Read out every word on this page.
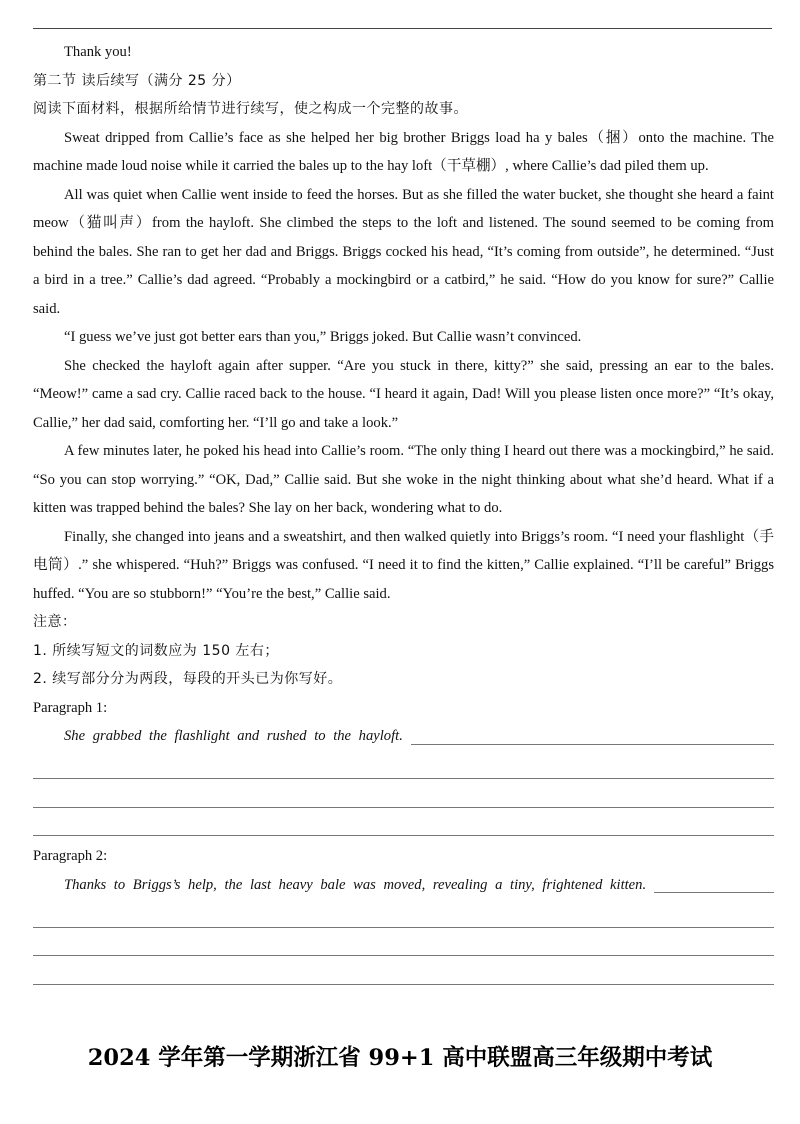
Thank you!
第二节 读后续写（满分 25 分）
阅读下面材料，根据所给情节进行续写，使之构成一个完整的故事。
Sweat dripped from Callie’s face as she helped her big brother Briggs load ha y bales（捆）onto the machine. The machine made loud noise while it carried the bales up to the hay loft（干草棚）, where Callie’s dad piled them up.
All was quiet when Callie went inside to feed the horses. But as she filled the water bucket, she thought she heard a faint meow（猫叫声）from the hayloft. She climbed the steps to the loft and listened. The sound seemed to be coming from behind the bales. She ran to get her dad and Briggs. Briggs cocked his head, “It’s coming from outside”, he determined. “Just a bird in a tree.” Callie’s dad agreed. “Probably a mockingbird or a catbird,” he said. “How do you know for sure?” Callie said.
“I guess we’ve just got better ears than you,” Briggs joked. But Callie wasn’t convinced.
She checked the hayloft again after supper. “Are you stuck in there, kitty?” she said, pressing an ear to the bales. “Meow!” came a sad cry. Callie raced back to the house. “I heard it again, Dad! Will you please listen once more?” “It’s okay, Callie,” her dad said, comforting her. “I’ll go and take a look.”
A few minutes later, he poked his head into Callie’s room. “The only thing I heard out there was a mockingbird,” he said. “So you can stop worrying.” “OK, Dad,” Callie said. But she woke in the night thinking about what she’d heard. What if a kitten was trapped behind the bales? She lay on her back, wondering what to do.
Finally, she changed into jeans and a sweatshirt, and then walked quietly into Briggs’s room. “I need your flashlight（手电筒）.” she whispered. “Huh?” Briggs was confused. “I need it to find the kitten,” Callie explained. “I’ll be careful” Briggs huffed. “You are so stubborn!” “You’re the best,” Callie said.
注意：
1. 所续写短文的词数应为 150 左右；
2. 续写部分分为两段，每段的开头已为你写好。
Paragraph 1:
She grabbed the flashlight and rushed to the hayloft.
Paragraph 2:
Thanks to Briggs’s help, the last heavy bale was moved, revealing a tiny, frightened kitten.
2024 学年第一学期浙江省 99+1 高中联盟高三年级期中考试
